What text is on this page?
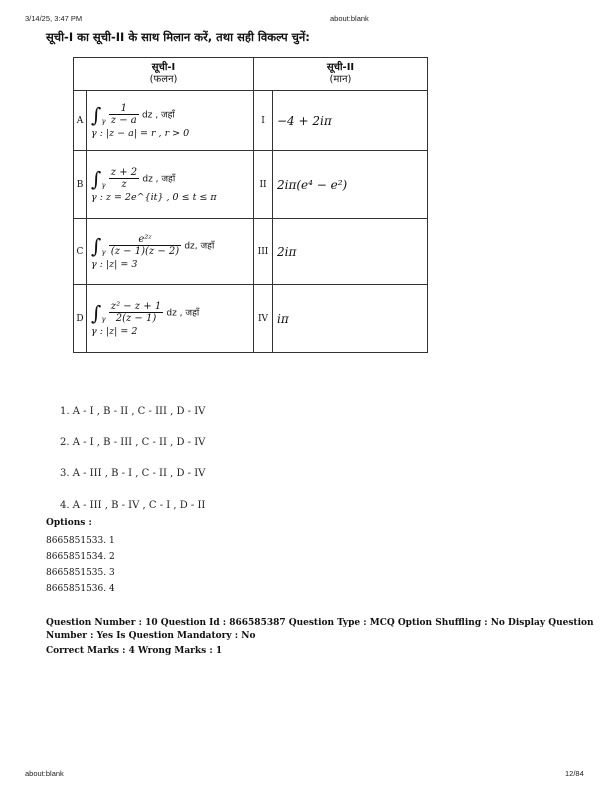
3/14/25, 3:47 PM	about:blank
सूची-I का सूची-II के साथ मिलान करें, तथा सही विकल्प चुनें:
सूची-I
(फलन)		सूची-II
(मान)	

A	$\int_\gamma \frac{1}{z - a}$ dz , जहाँ
γ : |z − a| = r , r > 0	I	−4 + 2iπ
B	$\int_\gamma \frac{z + 2}{z}$ dz , जहाँ
γ : z = 2e^{it} , 0 ≤ t ≤ π	II	2iπ(e⁴ − e²)
C	$\int_\gamma \frac{\text{e²ᶻ}}{(z - 1)(z - 2)}$ dz, जहाँ
γ : |z| = 3	III	2iπ
D	$\int_\gamma \frac{\text{z² − z + 1}}{2(z - 1)}$ dz , जहाँ
γ : |z| = 2	IV	iπ
1. A - I , B - II , C - III , D - IV
2. A - I , B - III , C - II , D - IV
3. A - III , B - I , C - II , D - IV
4. A - III , B - IV , C - I , D - II
Options :
8665851533. 1
8665851534. 2
8665851535. 3
8665851536. 4
Question Number : 10 Question Id : 866585387 Question Type : MCQ Option Shuffling : No Display Question
Number : Yes Is Question Mandatory : No
Correct Marks : 4 Wrong Marks : 1
about:blank	12/84
